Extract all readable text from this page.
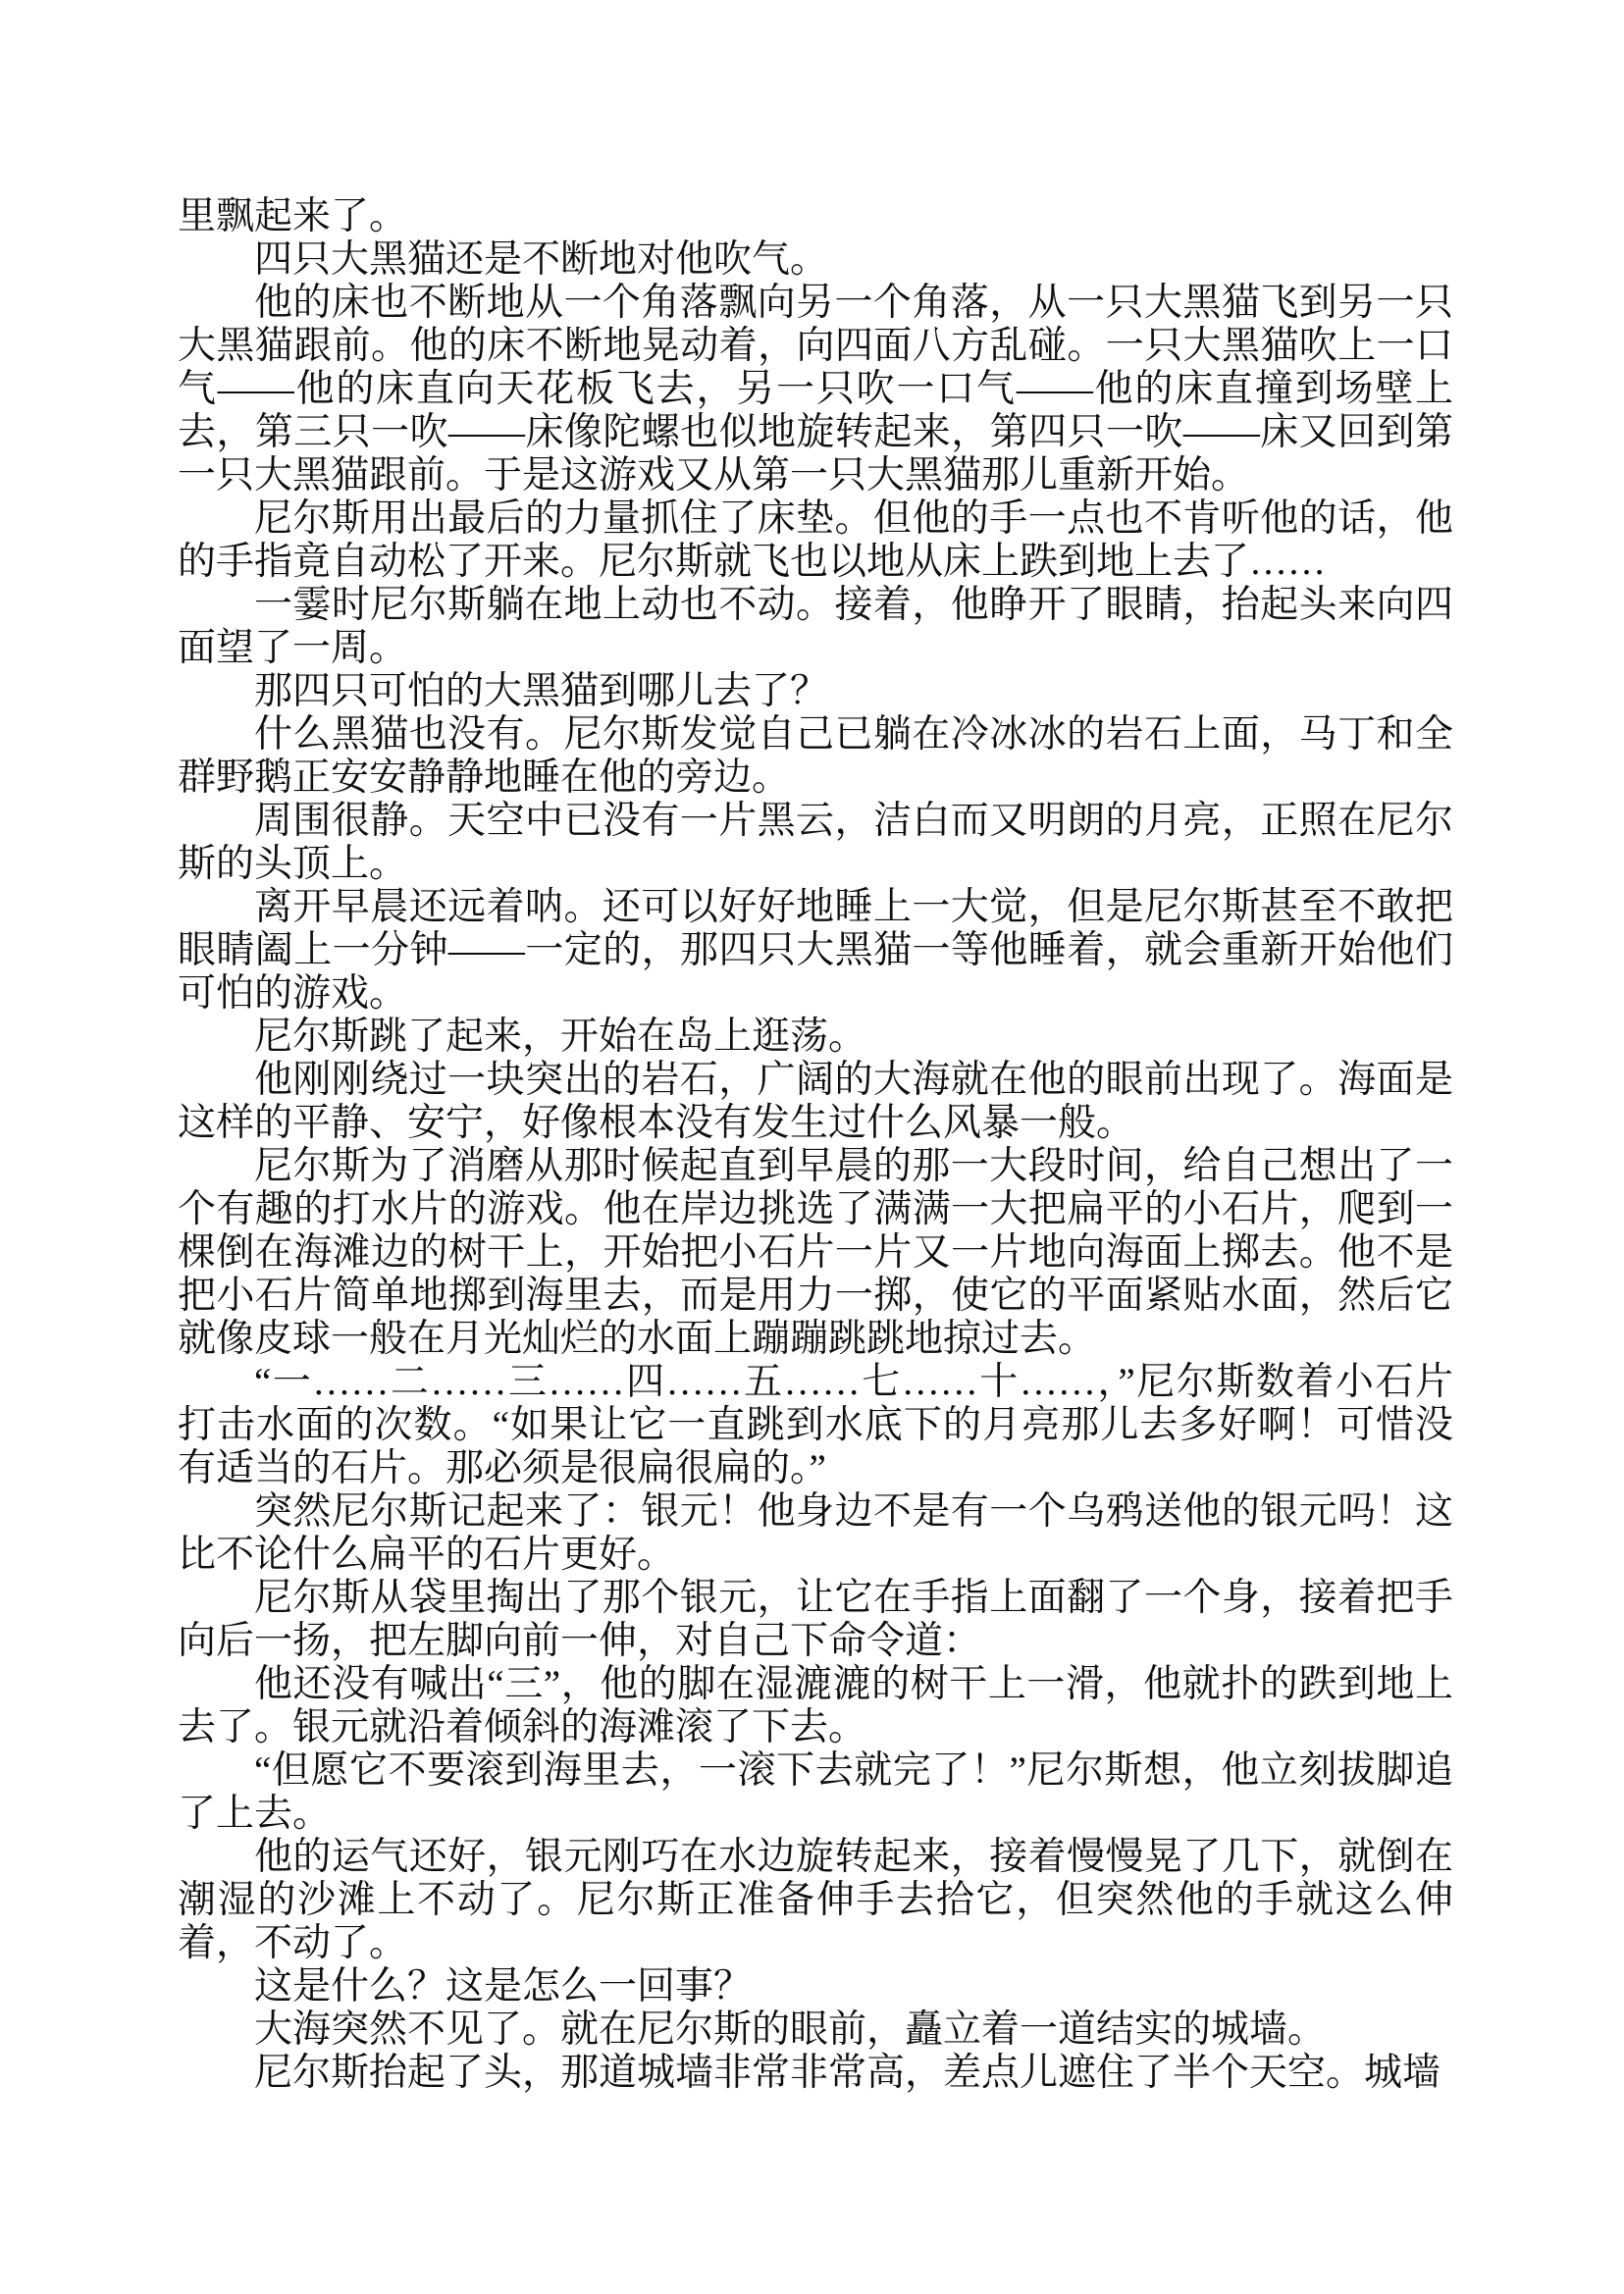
里飘起来了。

四只大黑猫还是不断地对他吹气。

他的床也不断地从一个角落飘向另一个角落，从一只大黑猫飞到另一只大黑猫跟前。他的床不断地晃动着，向四面八方乱碰。一只大黑猫吹上一口气——他的床直向天花板飞去，另一只吹一口气——他的床直撞到场壁上去，第三只一吹——床像陀螺也似地旋转起来，第四只一吹——床又回到第一只大黑猫跟前。于是这游戏又从第一只大黑猫那儿重新开始。

尼尔斯用出最后的力量抓住了床垫。但他的手一点也不肯听他的话，他的手指竟自动松了开来。尼尔斯就飞也以地从床上跌到地上去了……

一霎时尼尔斯躺在地上动也不动。接着，他睁开了眼睛，抬起头来向四面望了一周。

那四只可怕的大黑猫到哪儿去了？

什么黑猫也没有。尼尔斯发觉自己已躺在冷冰冰的岩石上面，马丁和全群野鹅正安安静静地睡在他的旁边。

周围很静。天空中已没有一片黑云，洁白而又明朗的月亮，正照在尼尔斯的头顶上。

离开早晨还远着呐。还可以好好地睡上一大觉，但是尼尔斯甚至不敢把眼睛阖上一分钟——一定的，那四只大黑猫一等他睡着，就会重新开始他们可怕的游戏。

尼尔斯跳了起来，开始在岛上逛荡。

他刚刚绕过一块突出的岩石，广阔的大海就在他的眼前出现了。海面是这样的平静、安宁，好像根本没有发生过什么风暴一般。

尼尔斯为了消磨从那时候起直到早晨的那一大段时间，给自己想出了一个有趣的打水片的游戏。他在岸边挑选了满满一大把扁平的小石片，爬到一棵倒在海滩边的树干上，开始把小石片一片又一片地向海面上掷去。他不是把小石片简单地掷到海里去，而是用力一掷，使它的平面紧贴水面，然后它就像皮球一般在月光灿烂的水面上蹦蹦跳跳地掠过去。

“一……二……三……四……五……七……十……，”尼尔斯数着小石片打击水面的次数。“如果让它一直跳到水底下的月亮那儿去多好啊！可惜没有适当的石片。那必须是很扁很扁的。”

突然尼尔斯记起来了：银元！他身边不是有一个乌鸦送他的银元吗！这比不论什么扁平的石片更好。

尼尔斯从袋里掏出了那个银元，让它在手指上面翻了一个身，接着把手向后一扬，把左脚向前一伸，对自己下命令道：

他还没有喊出“三”，他的脚在湿漉漉的树干上一滑，他就扑的跌到地上去了。银元就沿着倾斜的海滩滚了下去。

“但愿它不要滚到海里去，一滚下去就完了！”尼尔斯想，他立刻拔脚追了上去。

他的运气还好，银元刚巧在水边旋转起来，接着慢慢晃了几下，就倒在潮湿的沙滩上不动了。尼尔斯正准备伸手去拾它，但突然他的手就这么伸着，不动了。

这是什么？这是怎么一回事？

大海突然不见了。就在尼尔斯的眼前，矗立着一道结实的城墙。

尼尔斯抬起了头，那道城墙非常非常高，差点儿遮住了半个天空。城墙
